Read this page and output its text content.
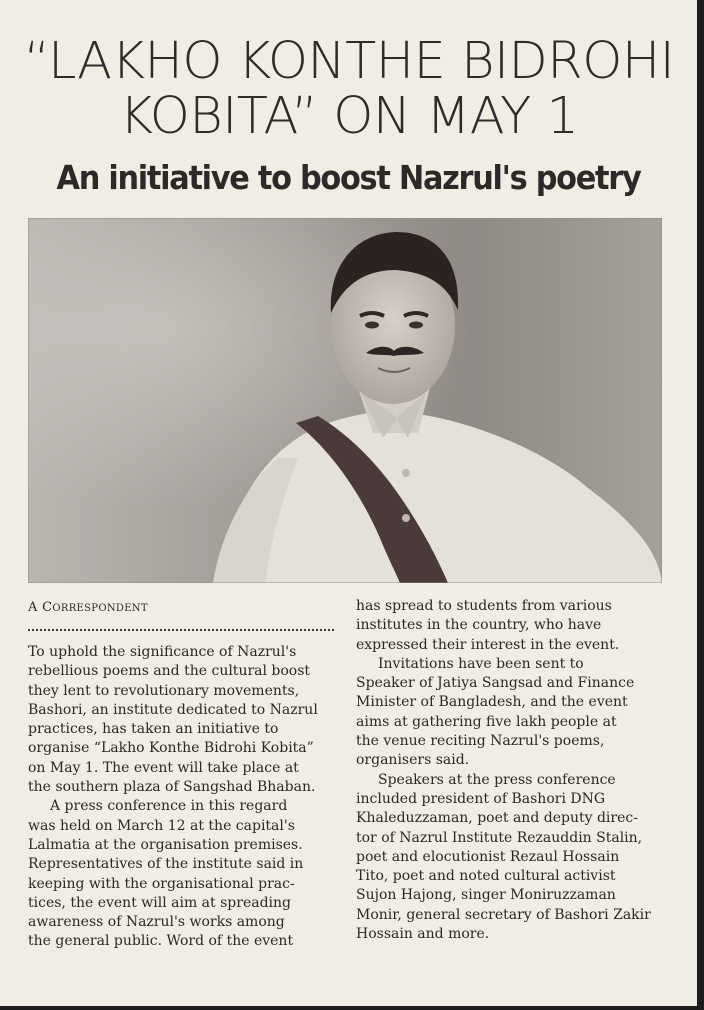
“LAKHO KONTHE BIDROHI
KOBITA” ON MAY 1
An initiative to boost Nazrul's poetry
A CORRESPONDENT

To uphold the significance of Nazrul's
rebellious poems and the cultural boost
they lent to revolutionary movements,
Bashori, an institute dedicated to Nazrul
practices, has taken an initiative to
organise “Lakho Konthe Bidrohi Kobita”
on May 1. The event will take place at
the southern plaza of Sangshad Bhaban.

A press conference in this regard
was held on March 12 at the capital's
Lalmatia at the organisation premises.
Representatives of the institute said in
keeping with the organisational prac-
tices, the event will aim at spreading
awareness of Nazrul's works among
the general public. Word of the event

has spread to students from various
institutes in the country, who have
expressed their interest in the event.

Invitations have been sent to
Speaker of Jatiya Sangsad and Finance
Minister of Bangladesh, and the event
aims at gathering five lakh people at
the venue reciting Nazrul's poems,
organisers said.

Speakers at the press conference
included president of Bashori DNG
Khaleduzzaman, poet and deputy direc-
tor of Nazrul Institute Rezauddin Stalin,
poet and elocutionist Rezaul Hossain
Tito, poet and noted cultural activist
Sujon Hajong, singer Moniruzzaman
Monir, general secretary of Bashori Zakir
Hossain and more.
